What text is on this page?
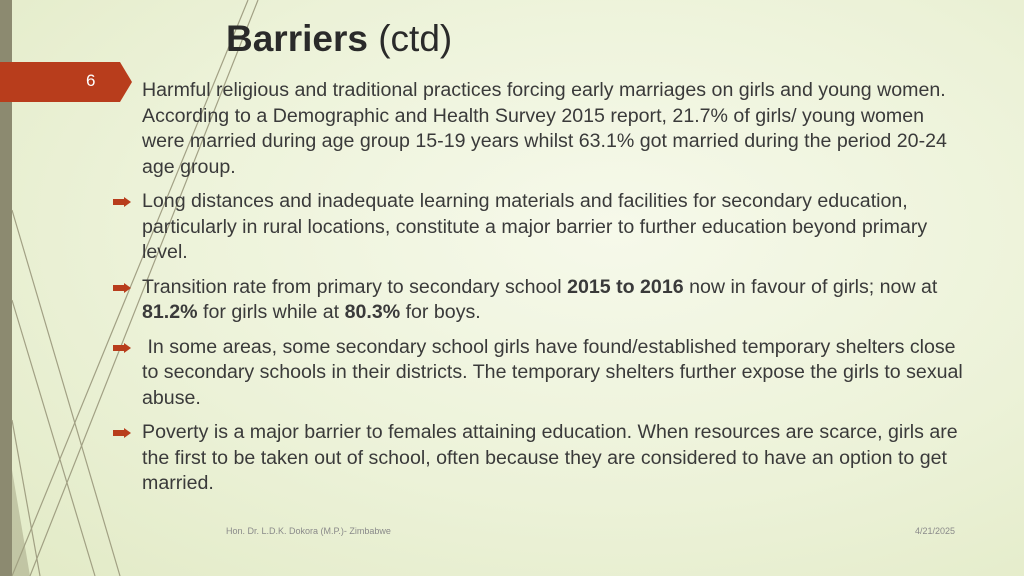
6
Barriers (ctd)
Harmful religious and traditional practices forcing early marriages on girls and young women. According to a Demographic and Health Survey 2015 report, 21.7% of girls/ young women were married during age group 15-19 years whilst 63.1% got married during the period 20-24 age group.
Long distances and inadequate learning materials and facilities for secondary education, particularly in rural locations, constitute a major barrier to further education beyond primary level.
Transition rate from primary to secondary school 2015 to 2016 now in favour of girls; now at 81.2% for girls while at 80.3% for boys.
In some areas, some secondary school girls have found/established temporary shelters close to secondary schools in their districts. The temporary shelters further expose the girls to sexual abuse.
Poverty is a major barrier to females attaining education. When resources are scarce, girls are the first to be taken out of school, often because they are considered to have an option to get married.
Hon. Dr. L.D.K. Dokora (M.P.)- Zimbabwe	4/21/2025
